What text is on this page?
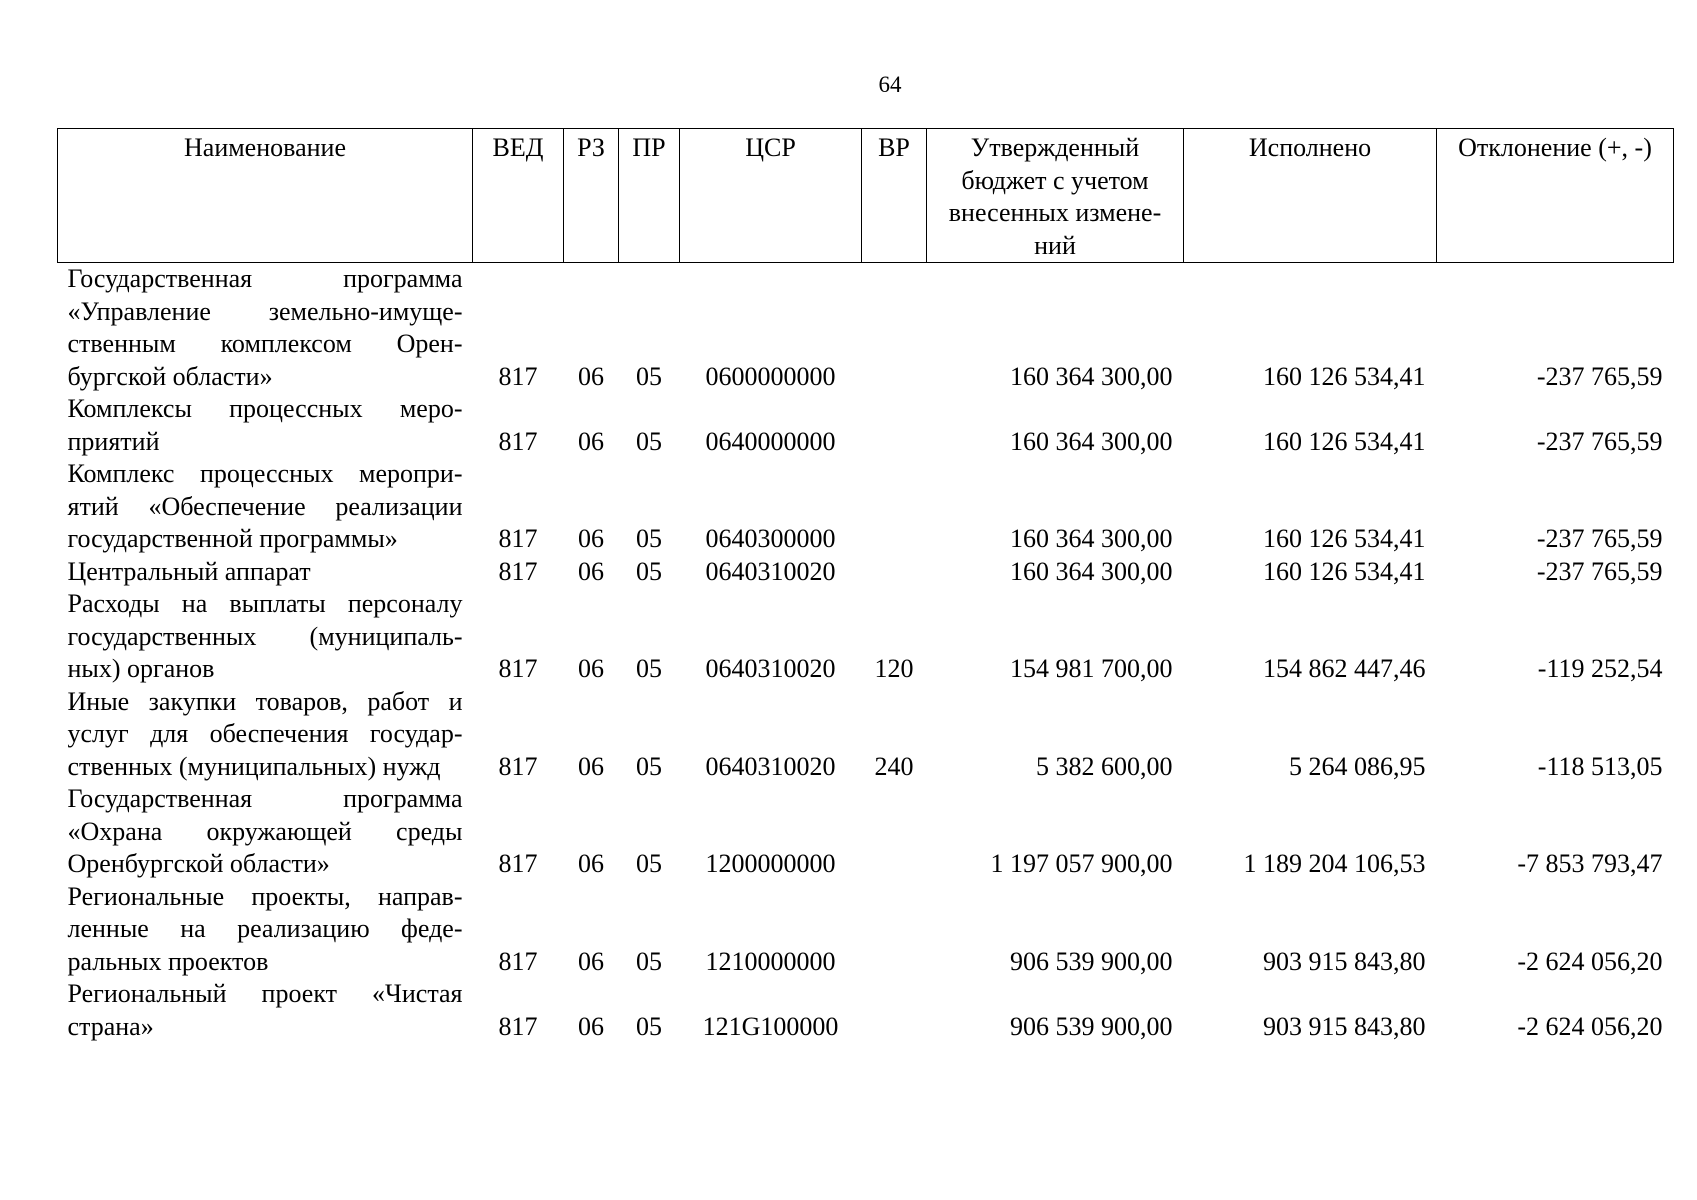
64
Наименование	ВЕД	РЗ	ПР	ЦСР	ВР	Утвержденный бюджет с учетом внесенных измене-ний	Исполнено	Отклонение (+, -)
Государственная программа «Управление земельно-имуще-ственным комплексом Орен-бургской области»	817	06	05	0600000000		160 364 300,00	160 126 534,41	-237 765,59
Комплексы процессных меро-приятий	817	06	05	0640000000		160 364 300,00	160 126 534,41	-237 765,59
Комплекс процессных меропри-ятий «Обеспечение реализации государственной программы»	817	06	05	0640300000		160 364 300,00	160 126 534,41	-237 765,59
Центральный аппарат	817	06	05	0640310020		160 364 300,00	160 126 534,41	-237 765,59
Расходы на выплаты персоналу государственных (муниципаль-ных) органов	817	06	05	0640310020	120	154 981 700,00	154 862 447,46	-119 252,54
Иные закупки товаров, работ и услуг для обеспечения государ-ственных (муниципальных) нужд	817	06	05	0640310020	240	5 382 600,00	5 264 086,95	-118 513,05
Государственная программа «Охрана окружающей среды Оренбургской области»	817	06	05	1200000000		1 197 057 900,00	1 189 204 106,53	-7 853 793,47
Региональные проекты, направ-ленные на реализацию феде-ральных проектов	817	06	05	1210000000		906 539 900,00	903 915 843,80	-2 624 056,20
Региональный проект «Чистая страна»	817	06	05	121G100000		906 539 900,00	903 915 843,80	-2 624 056,20
